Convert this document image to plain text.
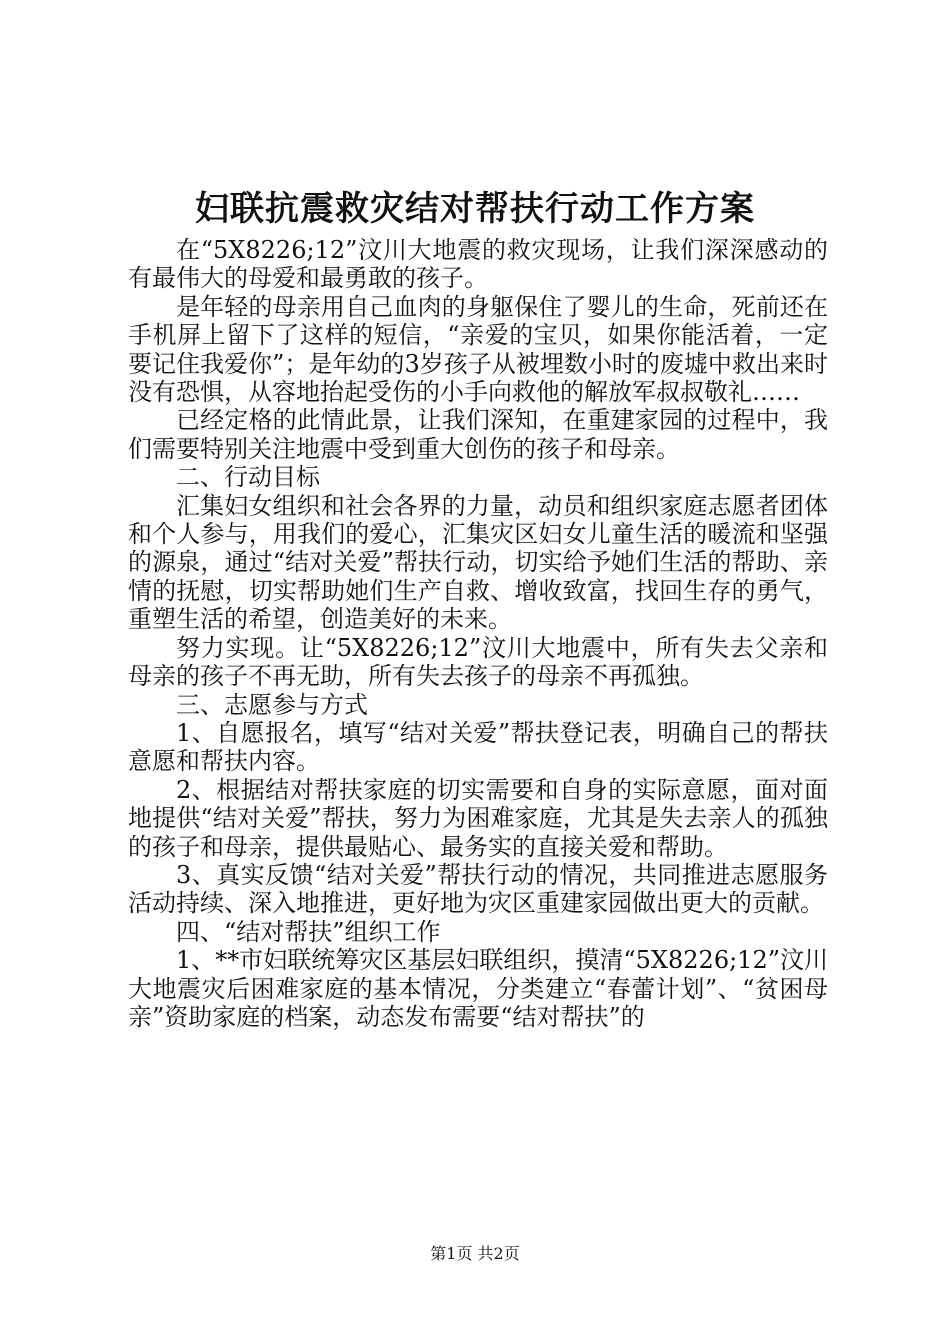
妇联抗震救灾结对帮扶行动工作方案

在“5X8226;12”汶川大地震的救灾现场，让我们深深感动的有最伟大的母爱和最勇敢的孩子。

是年轻的母亲用自己血肉的身躯保住了婴儿的生命，死前还在手机屏上留下了这样的短信，“亲爱的宝贝，如果你能活着，一定要记住我爱你”；是年幼的3岁孩子从被埋数小时的废墟中救出来时没有恐惧，从容地抬起受伤的小手向救他的解放军叔叔敬礼……

已经定格的此情此景，让我们深知，在重建家园的过程中，我们需要特别关注地震中受到重大创伤的孩子和母亲。

二、行动目标

汇集妇女组织和社会各界的力量，动员和组织家庭志愿者团体和个人参与，用我们的爱心，汇集灾区妇女儿童生活的暖流和坚强的源泉，通过“结对关爱”帮扶行动，切实给予她们生活的帮助、亲情的抚慰，切实帮助她们生产自救、增收致富，找回生存的勇气，重塑生活的希望，创造美好的未来。

努力实现。让“5X8226;12”汶川大地震中，所有失去父亲和母亲的孩子不再无助，所有失去孩子的母亲不再孤独。

三、志愿参与方式

1、自愿报名，填写“结对关爱”帮扶登记表，明确自己的帮扶意愿和帮扶内容。

2、根据结对帮扶家庭的切实需要和自身的实际意愿，面对面地提供“结对关爱”帮扶，努力为困难家庭，尤其是失去亲人的孤独的孩子和母亲，提供最贴心、最务实的直接关爱和帮助。

3、真实反馈“结对关爱”帮扶行动的情况，共同推进志愿服务活动持续、深入地推进，更好地为灾区重建家园做出更大的贡献。

四、“结对帮扶”组织工作

1、**市妇联统筹灾区基层妇联组织，摸清“5X8226;12”汶川大地震灾后困难家庭的基本情况，分类建立“春蕾计划”、“贫困母亲”资助家庭的档案，动态发布需要“结对帮扶”的

第1页 共2页
